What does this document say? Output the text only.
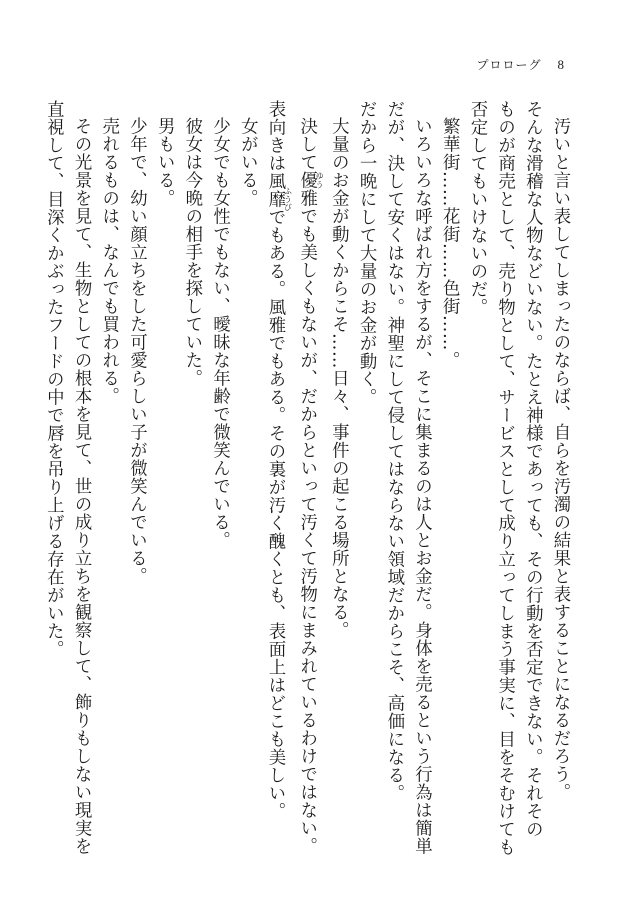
プロローグ 8

汚いと言い表してしまったのならば、自らを汚濁の結果と表することになるだろう。

そんな滑稽な人物などいない。たとえ神様であっても、その行動を否定できない。それその

ものが商売として、売り物として、サービスとして成り立ってしまう事実に、目をそむけても

否定してもいけないのだ。

繁華街……花街……色街……。

いろいろな呼ばれ方をするが、そこに集まるのは人とお金だ。身体を売るという行為は簡単

だが、決して安くはない。神聖にして侵してはならない領域だからこそ、高価になる。

だから一晩にして大量のお金が動く。

大量のお金が動くからこそ……日々、事件の起こる場所となる。

決して優ゆう雅でも美しくもないが、だからといって汚くて汚物にまみれているわけではない。

表向きは風靡ふうびでもある。風雅でもある。その裏が汚く醜くとも、表面上はどこも美しい。

女がいる。

少女でも女性でもない、曖昧な年齢で微笑んでいる。

彼女は今晩の相手を探していた。

男もいる。

少年で、幼い顔立ちをした可愛らしい子が微笑んでいる。

売れるものは、なんでも買われる。

その光景を見て、生物としての根本を見て、世の成り立ちを観察して、飾りもしない現実を

直視して、目深くかぶったフードの中で唇を吊り上げる存在がいた。
